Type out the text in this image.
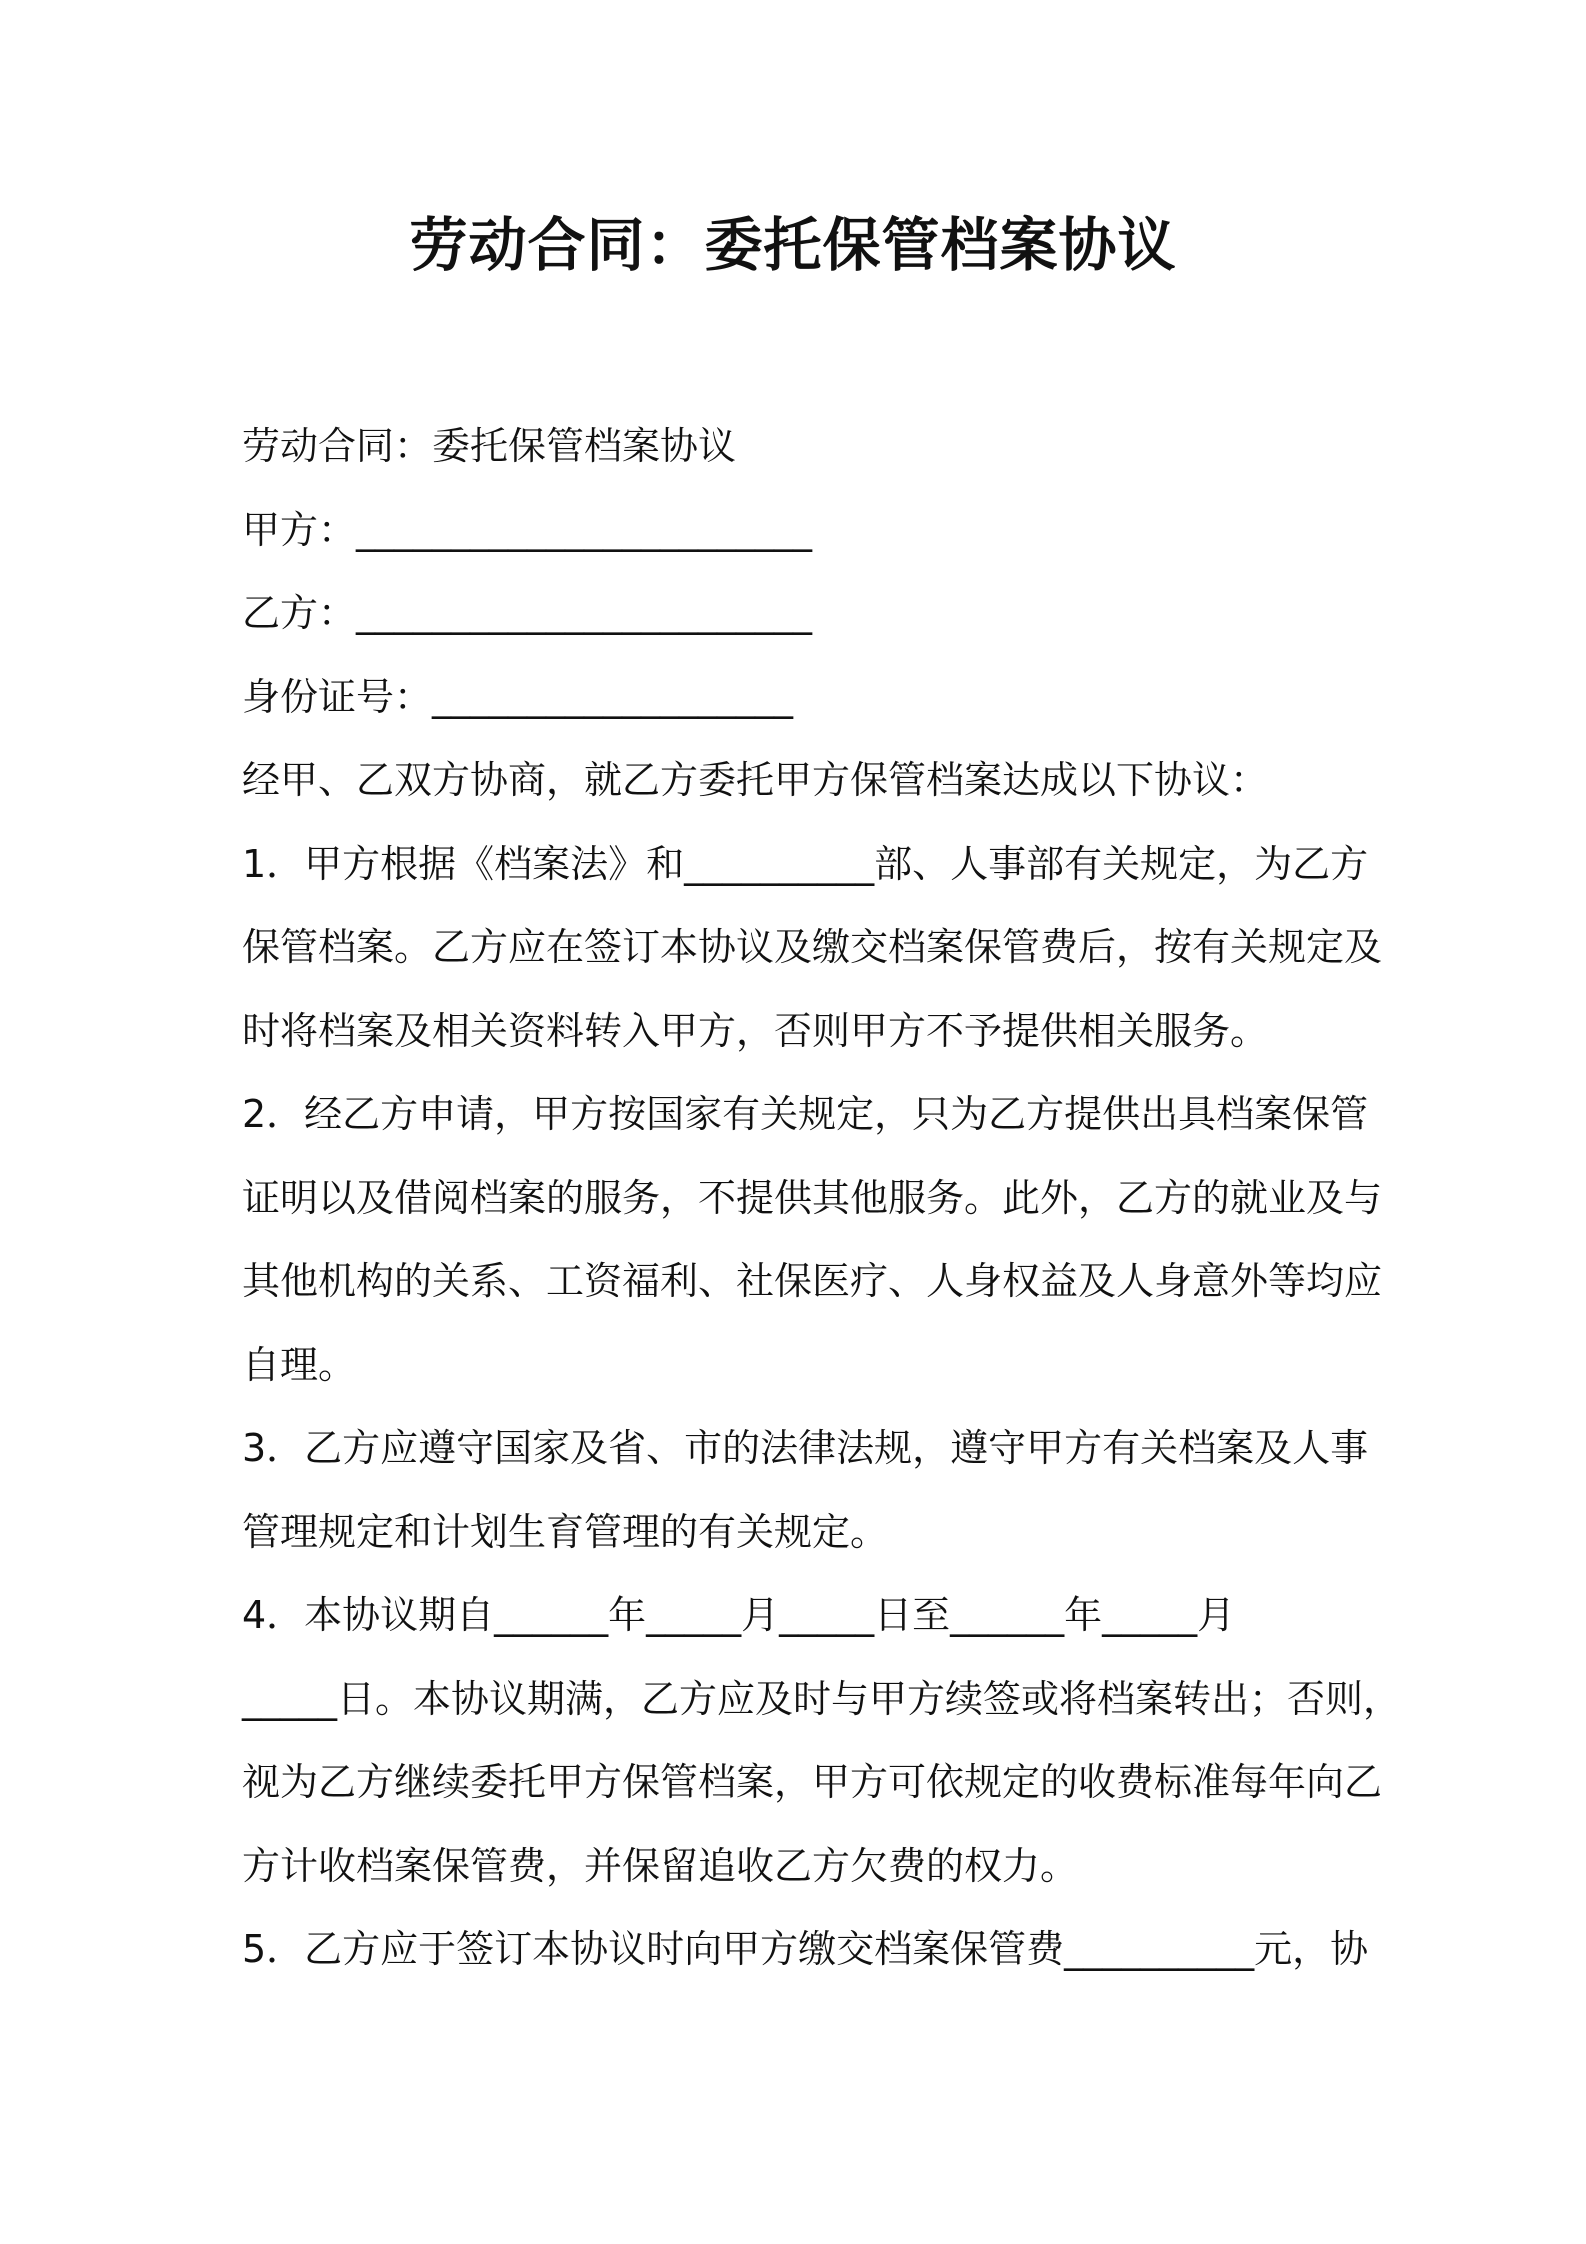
劳动合同：委托保管档案协议
劳动合同：委托保管档案协议
甲方：________________________
乙方：________________________
身份证号：___________________
经甲、乙双方协商，就乙方委托甲方保管档案达成以下协议：
1．甲方根据《档案法》和__________部、人事部有关规定，为乙方
保管档案。乙方应在签订本协议及缴交档案保管费后，按有关规定及
时将档案及相关资料转入甲方，否则甲方不予提供相关服务。
2．经乙方申请，甲方按国家有关规定，只为乙方提供出具档案保管
证明以及借阅档案的服务，不提供其他服务。此外，乙方的就业及与
其他机构的关系、工资福利、社保医疗、人身权益及人身意外等均应
自理。
3．乙方应遵守国家及省、市的法律法规，遵守甲方有关档案及人事
管理规定和计划生育管理的有关规定。
4．本协议期自______年_____月_____日至______年_____月
_____日。本协议期满，乙方应及时与甲方续签或将档案转出；否则，
视为乙方继续委托甲方保管档案，甲方可依规定的收费标准每年向乙
方计收档案保管费，并保留追收乙方欠费的权力。
5．乙方应于签订本协议时向甲方缴交档案保管费__________元，协
